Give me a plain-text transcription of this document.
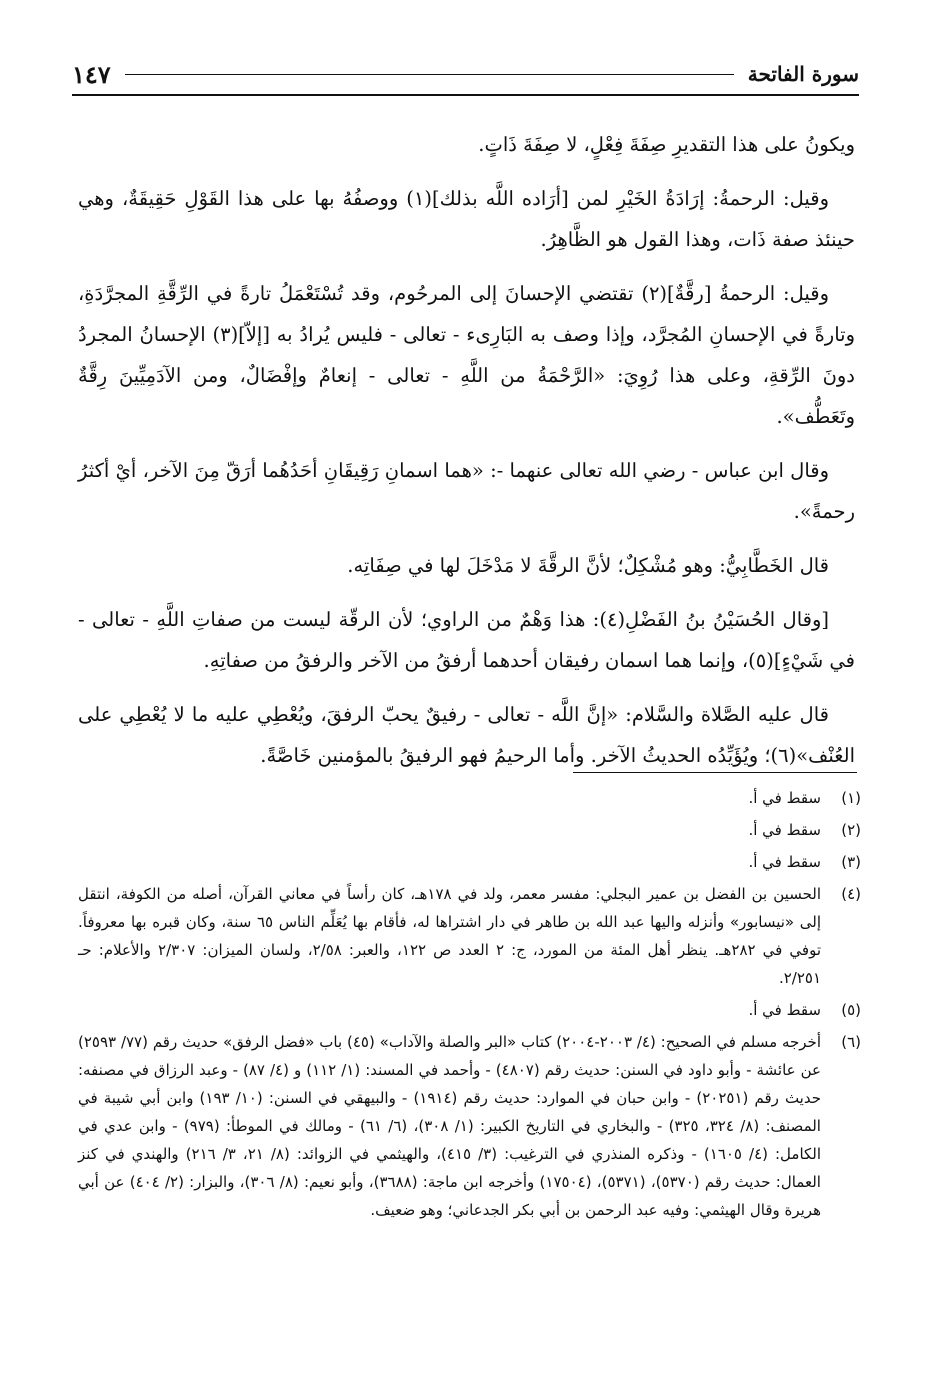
سورة الفاتحة
١٤٧

ويكونُ على هذا التقديرِ صِفَةَ فِعْلٍ، لا صِفَةَ ذَاتٍ.

وقيل: الرحمةُ: إرَادَةُ الخَيْرِ لمن [أرَاده اللَّه بذلك](١) ووصفُهُ بها على هذا القَوْلِ حَقِيقَةٌ، وهي حينئذ صفة ذَات، وهذا القول هو الظَّاهِرُ.

وقيل: الرحمةُ [رقَّةٌ](٢) تقتضي الإحسانَ إلى المرحُوم، وقد تُسْتَعْمَلُ تارةً في الرِّقَّةِ المجرَّدَةِ، وتارةً في الإحسانِ المُجرَّد، وإذا وصف به البَارِىء - تعالى - فليس يُرادُ به [إلاّ](٣) الإحسانُ المجردُ دونَ الرِّقةِ، وعلى هذا رُوِيَ: «الرَّحْمَةُ من اللَّهِ - تعالى - إنعامٌ وإفْضَالٌ، ومن الآدَمِيِّينَ رِقَّةٌ وتَعَطُّف».

وقال ابن عباس - رضي الله تعالى عنهما -: «هما اسمانِ رَقِيقَانِ أحَدُهُما أرَقّ مِنَ الآخر، أيْ أكثرُ رحمةً».

قال الخَطَّابِيُّ: وهو مُشْكِلٌ؛ لأنَّ الرقَّةَ لا مَدْخَلَ لها في صِفَاتِه.

[وقال الحُسَيْنُ بنُ الفَضْلِ(٤): هذا وَهْمٌ من الراوي؛ لأن الرقّة ليست من صفاتِ اللَّهِ - تعالى - في شَيْءٍ](٥)، وإنما هما اسمان رفيقان أحدهما أرفقُ من الآخر والرفقُ من صفاتِهِ.

قال عليه الصَّلاة والسَّلام: «إنَّ اللَّه - تعالى - رفيقٌ يحبّ الرفقَ، ويُعْطِي عليه ما لا يُعْطِي على العُنْف»(٦)؛ ويُؤَيِّدُه الحديثُ الآخر. وأما الرحيمُ فهو الرفيقُ بالمؤمنين خَاصَّةً.

(١)
سقط في أ.
(٢)
سقط في أ.
(٣)
سقط في أ.
(٤)
الحسين بن الفضل بن عمير البجلي: مفسر معمر، ولد في ١٧٨هـ، كان رأساً في معاني القرآن، أصله من الكوفة، انتقل إلى «نيسابور» وأنزله واليها عبد الله بن طاهر في دار اشتراها له، فأقام بها يُعَلِّم الناس ٦٥ سنة، وكان قبره بها معروفاً. توفي في ٢٨٢هـ. ينظر أهل المئة من المورد، ج: ٢ العدد ص ١٢٢، والعبر: ٢/٥٨، ولسان الميزان: ٢/٣٠٧ والأعلام: حـ ٢/٢٥١.
(٥)
سقط في أ.
(٦)
أخرجه مسلم في الصحيح: (٤/ ٢٠٠٣-٢٠٠٤) كتاب «البر والصلة والآداب» (٤٥) باب «فضل الرفق» حديث رقم (٧٧/ ٢٥٩٣) عن عائشة - وأبو داود في السنن: حديث رقم (٤٨٠٧) - وأحمد في المسند: (١/ ١١٢) و (٤/ ٨٧) - وعبد الرزاق في مصنفه: حديث رقم (٢٠٢٥١) - وابن حبان في الموارد: حديث رقم (١٩١٤) - والبيهقي في السنن: (١٠/ ١٩٣) وابن أبي شيبة في المصنف: (٨/ ٣٢٤، ٣٢٥) - والبخاري في التاريخ الكبير: (١/ ٣٠٨)، (٦/ ٦١) - ومالك في الموطأ: (٩٧٩) - وابن عدي في الكامل: (٤/ ١٦٠٥) - وذكره المنذري في الترغيب: (٣/ ٤١٥)، والهيثمي في الزوائد: (٨/ ٢١، ٣/ ٢١٦) والهندي في كنز العمال: حديث رقم (٥٣٧٠)، (٥٣٧١)، (١٧٥٠٤) وأخرجه ابن ماجة: (٣٦٨٨)، وأبو نعيم: (٨/ ٣٠٦)، والبزار: (٢/ ٤٠٤) عن أبي هريرة وقال الهيثمي: وفيه عبد الرحمن بن أبي بكر الجدعاني؛ وهو ضعيف.
